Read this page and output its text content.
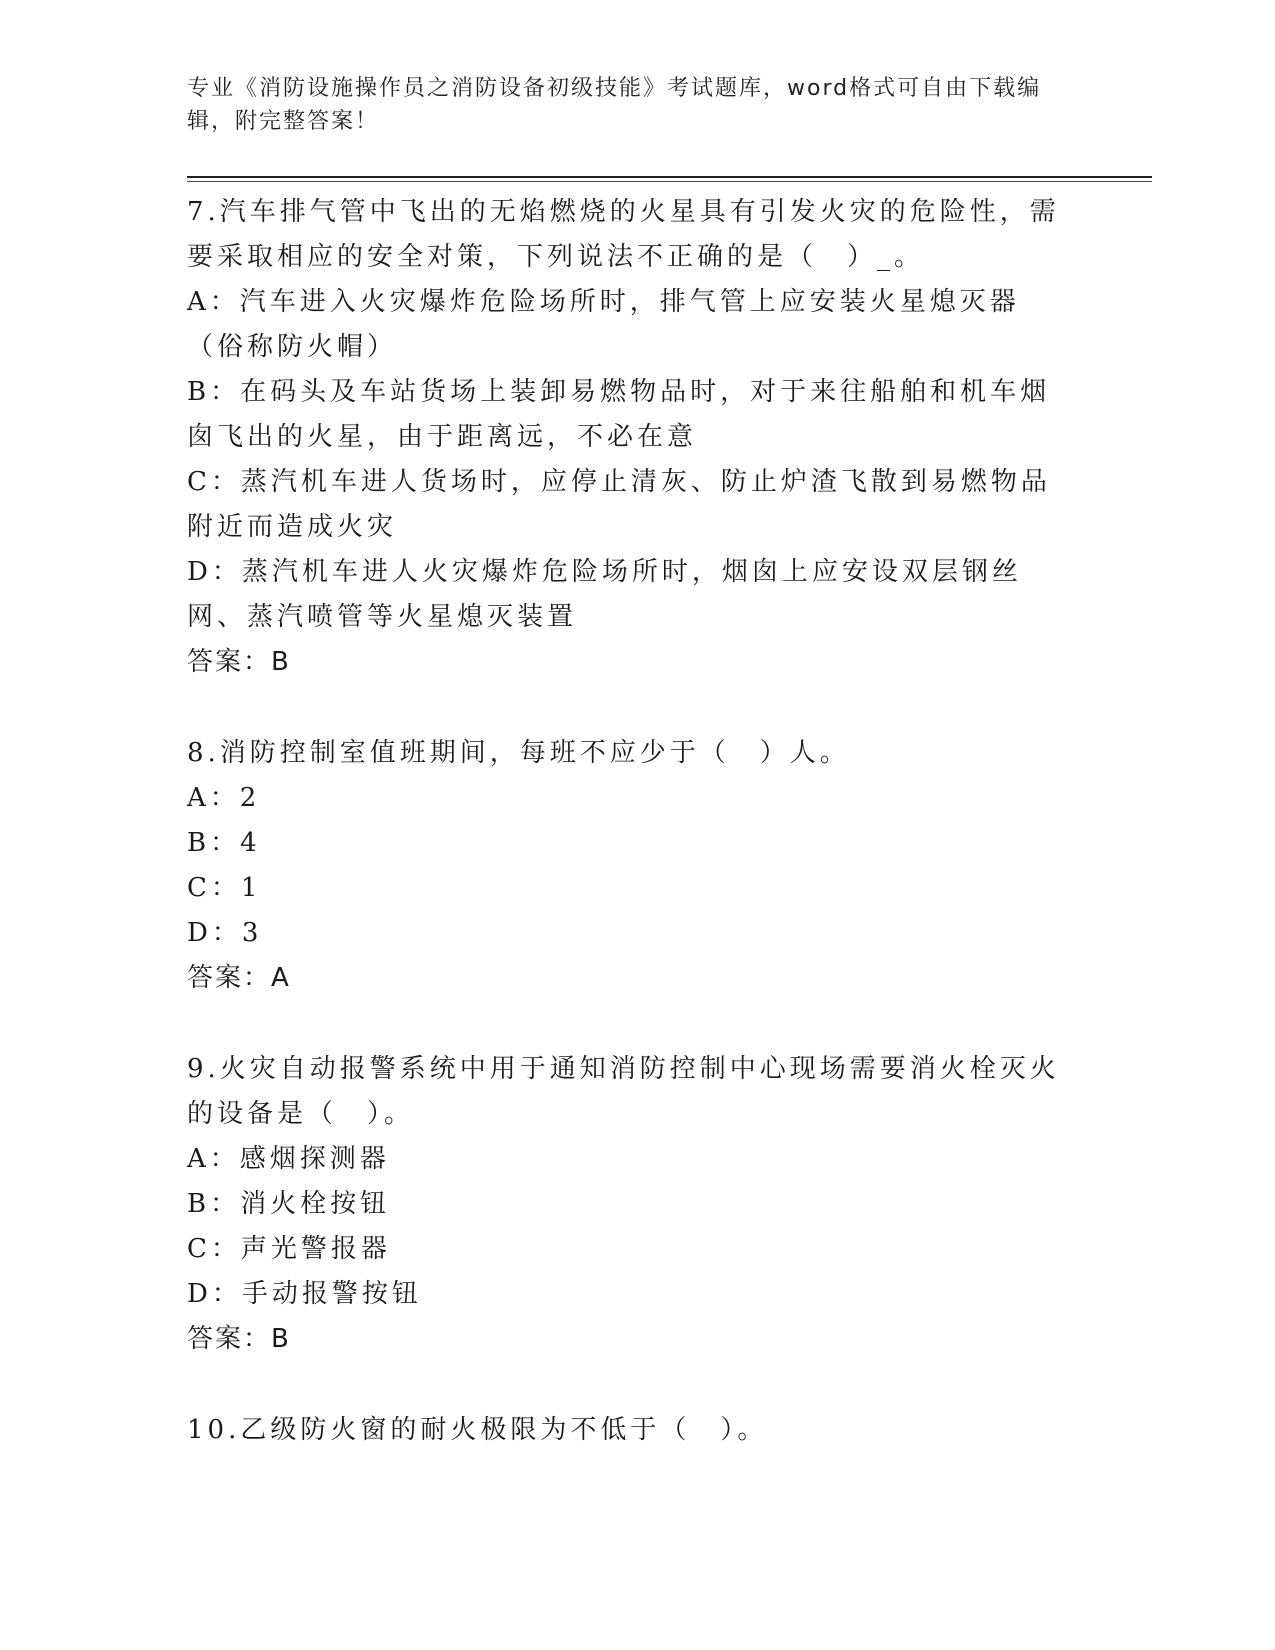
专业《消防设施操作员之消防设备初级技能》考试题库，word格式可自由下载编辑，附完整答案！

7.汽车排气管中飞出的无焰燃烧的火星具有引发火灾的危险性，需要采取相应的安全对策，下列说法不正确的是（　）_。

A：汽车进入火灾爆炸危险场所时，排气管上应安装火星熄灭器（俗称防火帽）

B：在码头及车站货场上装卸易燃物品时，对于来往船舶和机车烟囱飞出的火星，由于距离远，不必在意

C：蒸汽机车进人货场时，应停止清灰、防止炉渣飞散到易燃物品附近而造成火灾

D：蒸汽机车进人火灾爆炸危险场所时，烟囱上应安设双层钢丝网、蒸汽喷管等火星熄灭装置

答案：B

8.消防控制室值班期间，每班不应少于（　）人。

A：2

B：4

C：1

D：3

答案：A

9.火灾自动报警系统中用于通知消防控制中心现场需要消火栓灭火的设备是（　）。

A：感烟探测器

B：消火栓按钮

C：声光警报器

D：手动报警按钮

答案：B

10.乙级防火窗的耐火极限为不低于（　）。
